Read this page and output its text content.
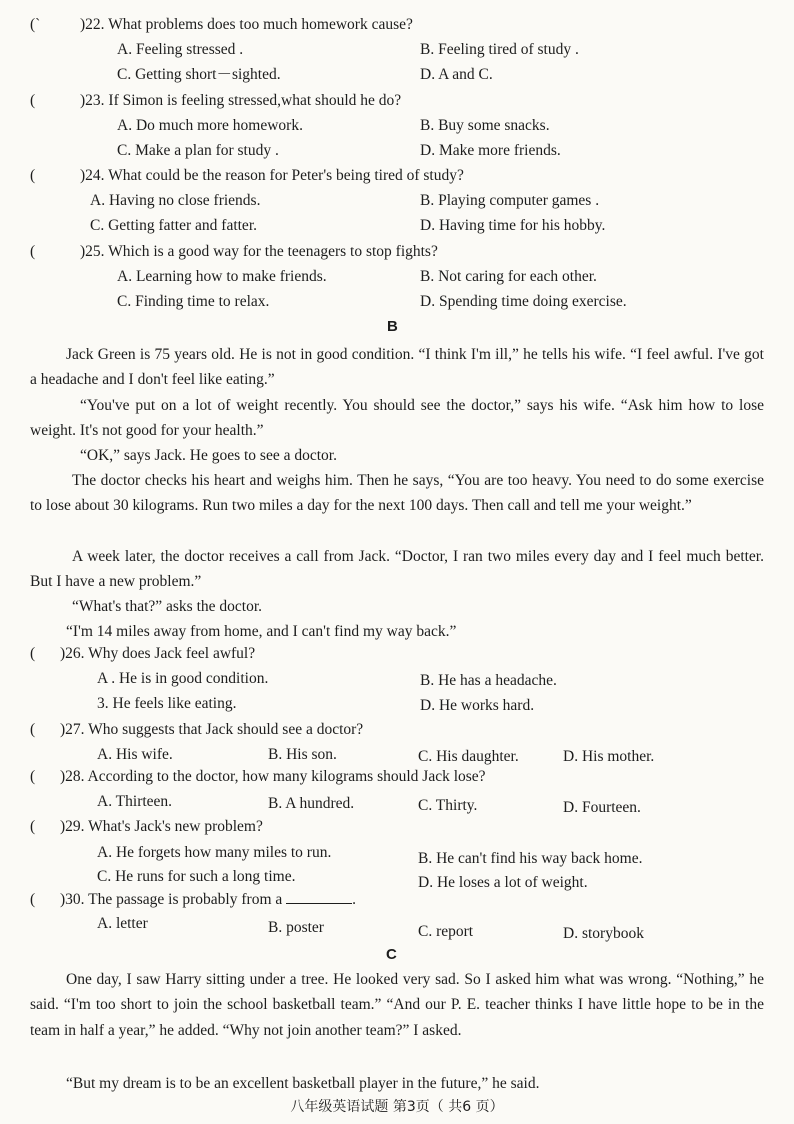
(`	)22. What problems does too much homework cause?
A. Feeling stressed .	B. Feeling tired of study .
C. Getting short－sighted.	D. A and C.
(	)23. If Simon is feeling stressed,what should he do?
A. Do much more homework.	B. Buy some snacks.
C. Make a plan for study .	D. Make more friends.
(	)24. What could be the reason for Peter's being tired of study?
A. Having no close friends.	B. Playing computer games .
C. Getting fatter and fatter.	D. Having time for his hobby.
(	)25. Which is a good way for the teenagers to stop fights?
A. Learning how to make friends.	B. Not caring for each other.
C. Finding time to relax.	D. Spending time doing exercise.
B

Jack Green is 75 years old. He is not in good condition. “I think I'm ill,” he tells his wife. “I feel awful. I've got a headache and I don't feel like eating.”

“You've put on a lot of weight recently. You should see the doctor,” says his wife. “Ask him how to lose weight. It's not good for your health.”

“OK,” says Jack. He goes to see a doctor.

The doctor checks his heart and weighs him. Then he says, “You are too heavy. You need to do some exercise to lose about 30 kilograms. Run two miles a day for the next 100 days. Then call and tell me your weight.”

A week later, the doctor receives a call from Jack. “Doctor, I ran two miles every day and I feel much better. But I have a new problem.”

“What's that?” asks the doctor.

“I'm 14 miles away from home, and I can't find my way back.”

( )26. Why does Jack feel awful?
A . He is in good condition.	B. He has a headache.
3. He feels like eating.	D. He works hard.
( )27. Who suggests that Jack should see a doctor?
A. His wife.	B. His son.	C. His daughter.	D. His mother.
( )28. According to the doctor, how many kilograms should Jack lose?
A. Thirteen.	B. A hundred.	C. Thirty.	D. Fourteen.
( )29. What's Jack's new problem?
A. He forgets how many miles to run.	B. He can't find his way back home.
C. He runs for such a long time.	D. He loses a lot of weight.
( )30. The passage is probably from a	.
A. letter	B. poster	C. report	D. storybook
C

One day, I saw Harry sitting under a tree. He looked very sad. So I asked him what was wrong. “Nothing,” he said. “I'm too short to join the school basketball team.” “And our P. E. teacher thinks I have little hope to be in the team in half a year,” he added. “Why not join another team?” I asked.

“But my dream is to be an excellent basketball player in the future,” he said.

八年级英语试题 第3页（ 共6 页）
